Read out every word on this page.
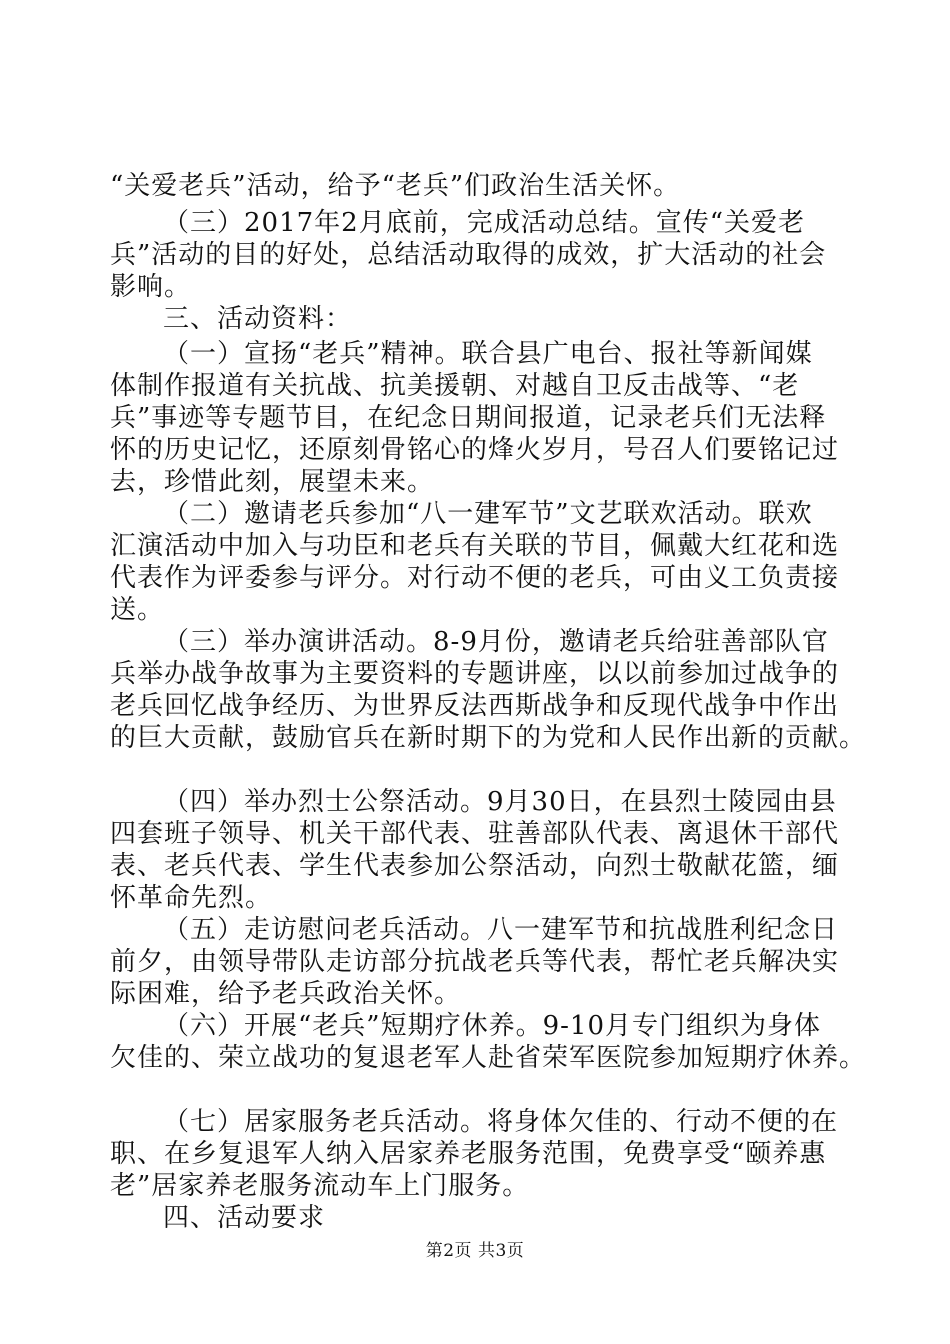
“关爱老兵”活动，给予“老兵”们政治生活关怀。
（三）2017年2月底前，完成活动总结。宣传“关爱老
兵”活动的目的好处，总结活动取得的成效，扩大活动的社会
影响。
三、活动资料：
（一）宣扬“老兵”精神。联合县广电台、报社等新闻媒
体制作报道有关抗战、抗美援朝、对越自卫反击战等、“老
兵”事迹等专题节目，在纪念日期间报道，记录老兵们无法释
怀的历史记忆，还原刻骨铭心的烽火岁月，号召人们要铭记过
去，珍惜此刻，展望未来。
（二）邀请老兵参加“八一建军节”文艺联欢活动。联欢
汇演活动中加入与功臣和老兵有关联的节目，佩戴大红花和选
代表作为评委参与评分。对行动不便的老兵，可由义工负责接
送。
（三）举办演讲活动。8-9月份，邀请老兵给驻善部队官
兵举办战争故事为主要资料的专题讲座，以以前参加过战争的
老兵回忆战争经历、为世界反法西斯战争和反现代战争中作出
的巨大贡献，鼓励官兵在新时期下的为党和人民作出新的贡献。
（四）举办烈士公祭活动。9月30日，在县烈士陵园由县
四套班子领导、机关干部代表、驻善部队代表、离退休干部代
表、老兵代表、学生代表参加公祭活动，向烈士敬献花篮，缅
怀革命先烈。
（五）走访慰问老兵活动。八一建军节和抗战胜利纪念日
前夕，由领导带队走访部分抗战老兵等代表，帮忙老兵解决实
际困难，给予老兵政治关怀。
（六）开展“老兵”短期疗休养。9-10月专门组织为身体
欠佳的、荣立战功的复退老军人赴省荣军医院参加短期疗休养。
（七）居家服务老兵活动。将身体欠佳的、行动不便的在
职、在乡复退军人纳入居家养老服务范围，免费享受“颐养惠
老”居家养老服务流动车上门服务。
四、活动要求
第2页 共3页
